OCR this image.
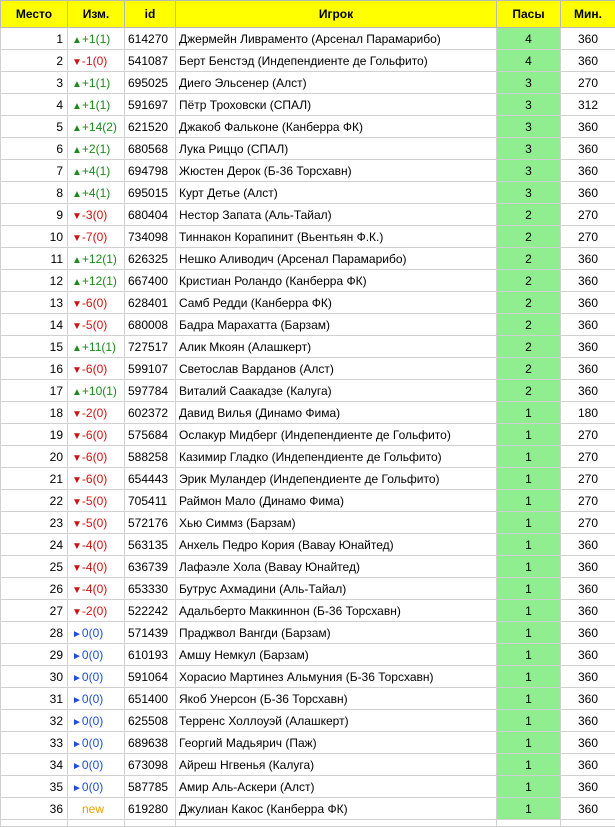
Место	Изм.	id	Игрок	Пасы	Мин.
1	▲+1(1)	614270	Джермейн Ливраменто (Арсенал Парамарибо)	4	360
2	▼-1(0)	541087	Берт Бенстэд (Индепендиенте де Гольфито)	4	360
3	▲+1(1)	695025	Диего Эльсенер (Алст)	3	270
4	▲+1(1)	591697	Пётр Троховски (СПАЛ)	3	312
5	▲+14(2)	621520	Джакоб Фальконе (Канберра ФК)	3	360
6	▲+2(1)	680568	Лука Риццо (СПАЛ)	3	360
7	▲+4(1)	694798	Жюстен Дерок (Б-36 Торсхавн)	3	360
8	▲+4(1)	695015	Курт Детье (Алст)	3	360
9	▼-3(0)	680404	Нестор Запата (Аль-Тайал)	2	270
10	▼-7(0)	734098	Тиннакон Корапинит (Вьентьян Ф.К.)	2	270
11	▲+12(1)	626325	Нешко Аливодич (Арсенал Парамарибо)	2	360
12	▲+12(1)	667400	Кристиан Роландо (Канберра ФК)	2	360
13	▼-6(0)	628401	Самб Редди (Канберра ФК)	2	360
14	▼-5(0)	680008	Бадра Марахатта (Барзам)	2	360
15	▲+11(1)	727517	Алик Мкоян (Алашкерт)	2	360
16	▼-6(0)	599107	Светослав Варданов (Алст)	2	360
17	▲+10(1)	597784	Виталий Саакадзе (Калуга)	2	360
18	▼-2(0)	602372	Давид Вилья (Динамо Фима)	1	180
19	▼-6(0)	575684	Ослакур Мидберг (Индепендиенте де Гольфито)	1	270
20	▼-6(0)	588258	Казимир Гладко (Индепендиенте де Гольфито)	1	270
21	▼-6(0)	654443	Эрик Муландер (Индепендиенте де Гольфито)	1	270
22	▼-5(0)	705411	Раймон Мало (Динамо Фима)	1	270
23	▼-5(0)	572176	Хью Симмз (Барзам)	1	270
24	▼-4(0)	563135	Анхель Педро Кория (Вавау Юнайтед)	1	360
25	▼-4(0)	636739	Лафаэле Хола (Вавау Юнайтед)	1	360
26	▼-4(0)	653330	Бутрус Ахмадини (Аль-Тайал)	1	360
27	▼-2(0)	522242	Адальберто Маккиннон (Б-36 Торсхавн)	1	360
28	►0(0)	571439	Праджвол Вангди (Барзам)	1	360
29	►0(0)	610193	Амшу Немкул (Барзам)	1	360
30	►0(0)	591064	Хорасио Мартинез Альмуния (Б-36 Торсхавн)	1	360
31	►0(0)	651400	Якоб Унерсон (Б-36 Торсхавн)	1	360
32	►0(0)	625508	Терренс Холлоуэй (Алашкерт)	1	360
33	►0(0)	689638	Георгий Мадьярич (Паж)	1	360
34	►0(0)	673098	Айреш Нгвенья (Калуга)	1	360
35	►0(0)	587785	Амир Аль-Аскери (Алст)	1	360
36	new	619280	Джулиан Какос (Канберра ФК)	1	360
